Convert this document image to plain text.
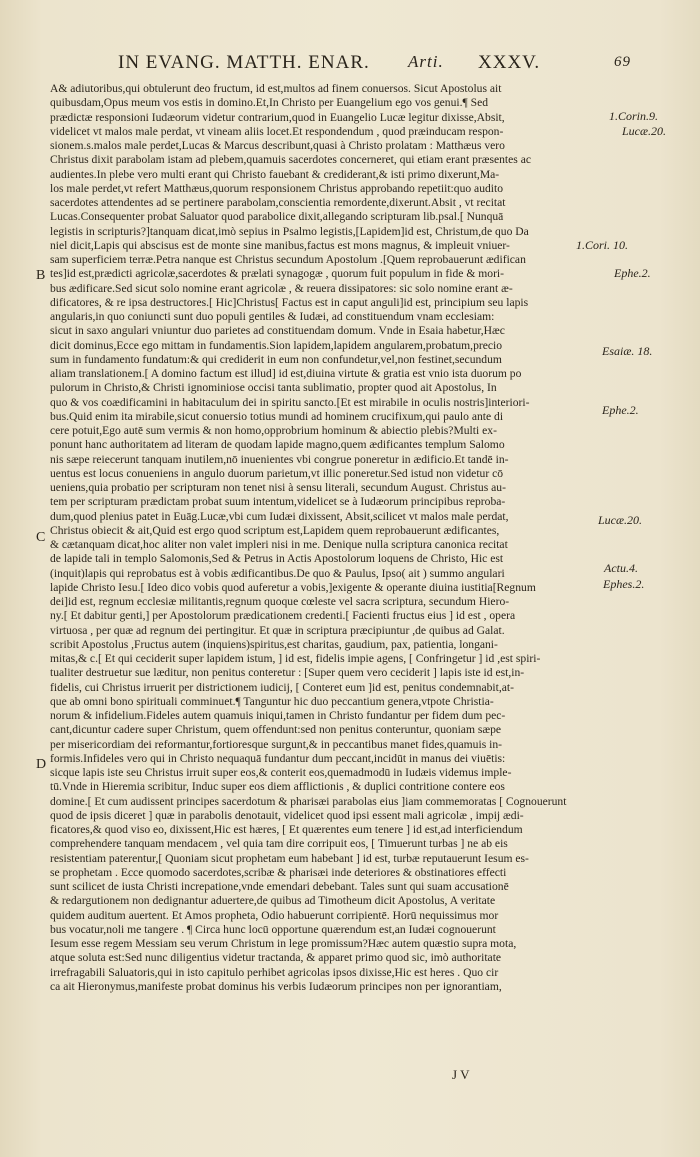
IN EVANG. MATTH. ENAR. Arti. XXXV.	69
A& adiutoribus,qui obtulerunt deo fructum, id est,multos ad finem conuersos. Sicut Apostolus ait
quibusdam,Opus meum vos estis in domino.Et,In Christo per Euangelium ego vos genui.¶ Sed
prædictæ responsioni Iudæorum videtur contrarium,quod in Euangelio Lucæ legitur dixisse,Absit,
videlicet vt malos male perdat, vt vineam aliis locet.Et respondendum , quod præinducam respon-
sionem.s.malos male perdet,Lucas & Marcus describunt,quasi à Christo prolatam : Matthæus vero
Christus dixit parabolam istam ad plebem,quamuis sacerdotes concerneret, qui etiam erant præsentes ac
audientes.In plebe vero multi erant qui Christo fauebant & crediderant,& isti primo dixerunt,Ma-
los male perdet,vt refert Matthæus,quorum responsionem Christus approbando repetiit:quo audito
sacerdotes attendentes ad se pertinere parabolam,conscientia remordente,dixerunt.Absit , vt recitat
Lucas.Consequenter probat Saluator quod parabolice dixit,allegando scripturam lib.psal.[ Nunquā
legistis in scripturis?]tanquam dicat,imò sepius in Psalmo legistis,[Lapidem]id est, Christum,de quo Da
niel dicit,Lapis qui abscisus est de monte sine manibus,factus est mons magnus, & impleuit vniuer-
sam superficiem terræ.Petra nanque est Christus secundum Apostolum .[Quem reprobauerunt ædifican
tes]id est,prædicti agricolæ,sacerdotes & prælati synagogæ , quorum fuit populum in fide & mori-
bus ædificare.Sed sicut solo nomine erant agricolæ , & reuera dissipatores: sic solo nomine erant æ-
dificatores, & re ipsa destructores.[ Hic]Christus[ Factus est in caput anguli]id est, principium seu lapis
angularis,in quo coniuncti sunt duo populi gentiles & Iudæi, ad constituendum vnam ecclesiam:
sicut in saxo angulari vniuntur duo parietes ad constituendam domum. Vnde in Esaia habetur,Hæc
dicit dominus,Ecce ego mittam in fundamentis.Sion lapidem,lapidem angularem,probatum,precio
sum in fundamento fundatum:& qui crediderit in eum non confundetur,vel,non festinet,secundum
aliam translationem.[ A domino factum est illud] id est,diuina virtute & gratia est vnio ista duorum po
pulorum in Christo,& Christi ignominiose occisi tanta sublimatio, propter quod ait Apostolus, In
quo & vos coædificamini in habitaculum dei in spiritu sancto.[Et est mirabile in oculis nostris]interiori-
bus.Quid enim ita mirabile,sicut conuersio totius mundi ad hominem crucifixum,qui paulo ante di
cere potuit,Ego autē sum vermis & non homo,opprobrium hominum & abiectio plebis?Multi ex-
ponunt hanc authoritatem ad literam de quodam lapide magno,quem ædificantes templum Salomo
nis sæpe reiecerunt tanquam inutilem,nō inuenientes vbi congrue poneretur in ædificio.Et tandē in-
uentus est locus conueniens in angulo duorum parietum,vt illic poneretur.Sed istud non videtur cō
ueniens,quia probatio per scripturam non tenet nisi à sensu literali, secundum August. Christus au-
tem per scripturam prædictam probat suum intentum,videlicet se à Iudæorum principibus reproba-
dum,quod plenius patet in Euāg.Lucæ,vbi cum Iudæi dixissent, Absit,scilicet vt malos male perdat,
Christus obiecit & ait,Quid est ergo quod scriptum est,Lapidem quem reprobauerunt ædificantes,
& cætanquam dicat,hoc aliter non valet impleri nisi in me. Denique nulla scriptura canonica recitat
de lapide tali in templo Salomonis,Sed & Petrus in Actis Apostolorum loquens de Christo, Hic est
(inquit)lapis qui reprobatus est à vobis ædificantibus.De quo & Paulus, Ipso( ait ) summo angulari
lapide Christo Iesu.[ Ideo dico vobis quod auferetur a vobis,]exigente & operante diuina iustitia[Regnum
dei]id est, regnum ecclesiæ militantis,regnum quoque cœleste vel sacra scriptura, secundum Hiero-
ny.[ Et dabitur genti,] per Apostolorum prædicationem credenti.[ Facienti fructus eius ] id est , opera
virtuosa , per quæ ad regnum dei pertingitur. Et quæ in scriptura præcipiuntur ,de quibus ad Galat.
scribit Apostolus ,Fructus autem (inquiens)spiritus,est charitas, gaudium, pax, patientia, longani-
mitas,& c.[ Et qui ceciderit super lapidem istum, ] id est, fidelis impie agens, [ Confringetur ] id ,est spiri-
tualiter destruetur sue læditur, non penitus conteretur : [Super quem vero ceciderit ] lapis iste id est,in-
fidelis, cui Christus irruerit per districtionem iudicij, [ Conteret eum ]id est, penitus condemnabit,at-
que ab omni bono spirituali comminuet.¶ Tanguntur hic duo peccantium genera,vtpote Christia-
norum & infidelium.Fideles autem quamuis iniqui,tamen in Christo fundantur per fidem dum pec-
cant,dicuntur cadere super Christum, quem offendunt:sed non penitus conteruntur, quoniam sæpe
per misericordiam dei reformantur,fortioresque surgunt,& in peccantibus manet fides,quamuis in-
formis.Infideles vero qui in Christo nequaquā fundantur dum peccant,incidūt in manus dei viuētis:
sicque lapis iste seu Christus irruit super eos,& conterit eos,quemadmodū in Iudæis videmus imple-
tū.Vnde in Hieremia scribitur, Induc super eos diem afflictionis , & duplici contritione contere eos
domine.[ Et cum audissent principes sacerdotum & pharisæi parabolas eius ]iam commemoratas [ Cognouerunt
quod de ipsis diceret ] quæ in parabolis denotauit, videlicet quod ipsi essent mali agricolæ , impij ædi-
ficatores,& quod viso eo, dixissent,Hic est hæres, [ Et quærentes eum tenere ] id est,ad interficiendum
comprehendere tanquam mendacem , vel quia tam dire corripuit eos, [ Timuerunt turbas ] ne ab eis
resistentiam paterentur,[ Quoniam sicut prophetam eum habebant ] id est, turbæ reputauerunt Iesum es-
se prophetam . Ecce quomodo sacerdotes,scribæ & pharisæi inde deteriores & obstinatiores effecti
sunt scilicet de iusta Christi increpatione,vnde emendari debebant. Tales sunt qui suam accusationē
& redargutionem non dedignantur aduertere,de quibus ad Timotheum dicit Apostolus, A veritate
quidem auditum auertent. Et Amos propheta, Odio habuerunt corripientē. Horū nequissimus mor
bus vocatur,noli me tangere . ¶ Circa hunc locū opportune quærendum est,an Iudæi cognouerunt
Iesum esse regem Messiam seu verum Christum in lege promissum?Hæc autem quæstio supra mota,
atque soluta est:Sed nunc diligentius videtur tractanda, & apparet primo quod sic, imò authoritate
irrefragabili Saluatoris,qui in isto capitulo perhibet agricolas ipsos dixisse,Hic est heres . Quo cir
ca ait Hieronymus,manifeste probat dominus his verbis Iudæorum principes non per ignorantiam,
1.Corin.9.
Lucæ.20.
1.Cori. 10.
Ephe.2.
Esaiæ. 18.
Ephe.2.
Lucæ.20.
Actu.4.
Ephes.2.
B
C
D
J V
